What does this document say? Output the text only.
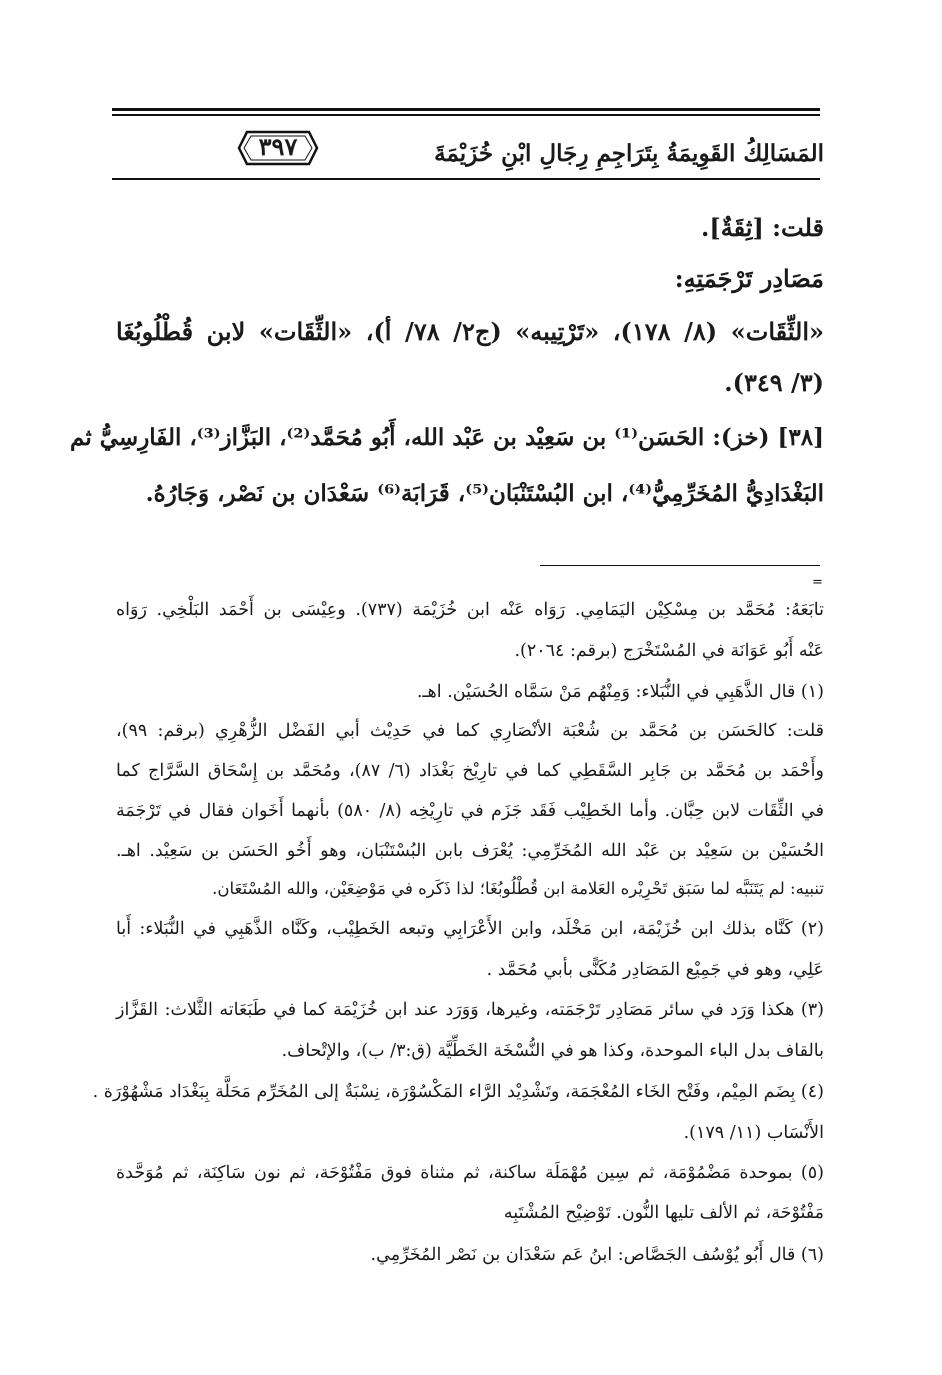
٣٩٧	المَسَالِكُ القَوِيمَةُ بِتَرَاجِمِ رِجَالِ ابْنِ خُزَيْمَةَ
قلت: [ثِقَةٌ].
مَصَادِر تَرْجَمَتِهِ:
«الثِّقَات» (٨/ ١٧٨)، «تَرْتِيبه» (ج٢/ ٧٨/ أ)، «الثِّقَات» لابن قُطْلُوبُغَا
(٣/ ٣٤٩).
[٣٨] (خز): الحَسَن⁽¹⁾ بن سَعِيْد بن عَبْد الله، أَبُو مُحَمَّد⁽²⁾، البَزَّاز⁽³⁾، الفَارِسِيُّ ثم
البَغْدَادِيُّ المُخَرِّمِيُّ⁽⁴⁾، ابن البُسْتَنْبَان⁽⁵⁾، قَرَابَة⁽⁶⁾ سَعْدَان بن نَصْر، وَجَارُهُ.
=
تابَعَهُ: مُحَمَّد بن مِسْكِيْن اليَمَامِي. رَوَاه عَنْه ابن خُزَيْمَة (٧٣٧). وعِيْسَى بن أَحْمَد البَلْخِي. رَوَاه
عَنْه أَبُو عَوَانَة في المُسْتَخْرَج (برقم: ٢٠٦٤).
(١) قال الذَّهَبِي في النُّبَلاء: وَمِنْهُم مَنْ سَمَّاه الحُسَيْن. اهـ.
قلت: كالحَسَن بن مُحَمَّد بن شُعْبَة الأنْصَارِي كما في حَدِيْث أبي الفَضْل الزُّهْرِي (برقم: ٩٩)،
وأَحْمَد بن مُحَمَّد بن جَابِر السَّقَطِي كما في تارِيْخ بَغْدَاد (٦/ ٨٧)، ومُحَمَّد بن إِسْحَاق السَّرَّاج كما
في الثِّقَات لابن حِبَّان. وأما الخَطِيْب فَقَد جَزَم في تارِيْخِه (٨/ ٥٨٠) بأنهما أَخَوان فقال في تَرْجَمَة
الحُسَيْن بن سَعِيْد بن عَبْد الله المُخَرِّمِي: يُعْرَف بابن البُسْتَنْبَان، وهو أَخُو الحَسَن بن سَعِيْد. اهـ.
تنبيه: لم يَتَنَبَّه لما سَبَق تَحْرِيْره العَلامة ابن قُطْلُوبُغَا؛ لذا ذَكَره في مَوْضِعَيْن، والله المُسْتَعَان.
(٢) كَنَّاه بذلك ابن خُزَيْمَة، ابن مَخْلَد، وابن الأَعْرَابِي وتبعه الخَطِيْب، وكَنَّاه الذَّهَبِي في النُّبَلاء: أَبا
عَلِي، وهو في جَمِيْع المَصَادِر مُكَنًّى بأبي مُحَمَّد .
(٣) هكذا وَرَد في سائر مَصَادِر تَرْجَمَته، وغيرها، وَوَرَد عند ابن خُزَيْمَة كما في طَبَعَاته الثَّلاث: القَزَّاز
بالقاف بدل الباء الموحدة، وكذا هو في النُّسْخَة الخَطِّيَّة (ق:٣/ ب)، والإتْحاف.
(٤) بِضَم المِيْم، وفَتْح الخَاء المُعْجَمَة، وتَشْدِيْد الرَّاء المَكْسُوْرَة، نِسْبَةٌ إلى المُخَرِّم مَحَلَّة بِبَغْدَاد مَشْهُوْرَة .
الأَنْسَاب (١١/ ١٧٩).
(٥) بموحدة مَضْمُوْمَة، ثم سِين مُهْمَلَة ساكنة، ثم مثناة فوق مَفْتُوْحَة، ثم نون سَاكِنَة، ثم مُوَحَّدة
مَفْتُوْحَة، ثم الألف تليها النُّون. تَوْضِيْح المُشْتَبِه
(٦) قال أَبُو يُوْسُف الجَصَّاص: ابنُ عَم سَعْدَان بن نَصْر المُخَرِّمِي.
